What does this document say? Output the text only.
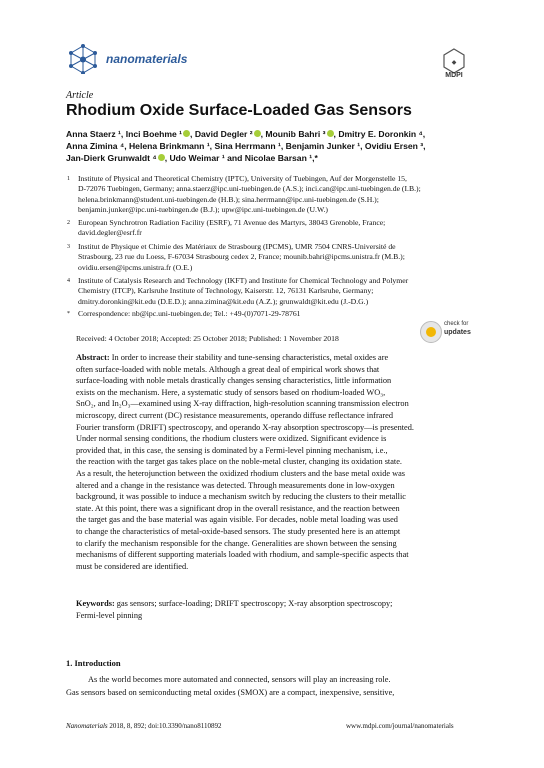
nanomaterials	◆
MDPI
Article
Rhodium Oxide Surface-Loaded Gas Sensors
Anna Staerz ¹, Inci Boehme ¹ , David Degler ² , Mounib Bahri ³ , Dmitry E. Doronkin ⁴,
Anna Zimina ⁴, Helena Brinkmann ¹, Sina Herrmann ¹, Benjamin Junker ¹, Ovidiu Ersen ³,
Jan-Dierk Grunwaldt ⁴ , Udo Weimar ¹ and Nicolae Barsan ¹,*
1 Institute of Physical and Theoretical Chemistry (IPTC), University of Tuebingen, Auf der Morgenstelle 15,
D-72076 Tuebingen, Germany; anna.staerz@ipc.uni-tuebingen.de (A.S.); inci.can@ipc.uni-tuebingen.de (I.B.);
helena.brinkmann@student.uni-tuebingen.de (H.B.); sina.herrmann@ipc.uni-tuebingen.de (S.H.);
benjamin.junker@ipc.uni-tuebingen.de (B.J.); upw@ipc.uni-tuebingen.de (U.W.)
2 European Synchrotron Radiation Facility (ESRF), 71 Avenue des Martyrs, 38043 Grenoble, France;
david.degler@esrf.fr
3 Institut de Physique et Chimie des Matériaux de Strasbourg (IPCMS), UMR 7504 CNRS-Université de
Strasbourg, 23 rue du Loess, F-67034 Strasbourg cedex 2, France; mounib.bahri@ipcms.unistra.fr (M.B.);
ovidiu.ersen@ipcms.unistra.fr (O.E.)
4 Institute of Catalysis Research and Technology (IKFT) and Institute for Chemical Technology and Polymer
Chemistry (ITCP), Karlsruhe Institute of Technology, Kaiserstr. 12, 76131 Karlsruhe, Germany;
dmitry.doronkin@kit.edu (D.E.D.); anna.zimina@kit.edu (A.Z.); grunwaldt@kit.edu (J.-D.G.)
* Correspondence: nb@ipc.uni-tuebingen.de; Tel.: +49-(0)7071-29-78761
Received: 4 October 2018; Accepted: 25 October 2018; Published: 1 November 2018
check for
updates
Abstract: In order to increase their stability and tune-sensing characteristics, metal oxides are
often surface-loaded with noble metals. Although a great deal of empirical work shows that
surface-loading with noble metals drastically changes sensing characteristics, little information
exists on the mechanism. Here, a systematic study of sensors based on rhodium-loaded WO₃,
SnO₂, and In₂O₃—examined using X-ray diffraction, high-resolution scanning transmission electron
microscopy, direct current (DC) resistance measurements, operando diffuse reflectance infrared
Fourier transform (DRIFT) spectroscopy, and operando X-ray absorption spectroscopy—is presented.
Under normal sensing conditions, the rhodium clusters were oxidized. Significant evidence is
provided that, in this case, the sensing is dominated by a Fermi-level pinning mechanism, i.e.,
the reaction with the target gas takes place on the noble-metal cluster, changing its oxidation state.
As a result, the heterojunction between the oxidized rhodium clusters and the base metal oxide was
altered and a change in the resistance was detected. Through measurements done in low-oxygen
background, it was possible to induce a mechanism switch by reducing the clusters to their metallic
state. At this point, there was a significant drop in the overall resistance, and the reaction between
the target gas and the base material was again visible. For decades, noble metal loading was used
to change the characteristics of metal-oxide-based sensors. The study presented here is an attempt
to clarify the mechanism responsible for the change. Generalities are shown between the sensing
mechanisms of different supporting materials loaded with rhodium, and sample-specific aspects that
must be considered are identified.
Keywords: gas sensors; surface-loading; DRIFT spectroscopy; X-ray absorption spectroscopy;
Fermi-level pinning
1. Introduction
As the world becomes more automated and connected, sensors will play an increasing role.
Gas sensors based on semiconducting metal oxides (SMOX) are a compact, inexpensive, sensitive,
Nanomaterials 2018, 8, 892; doi:10.3390/nano8110892	www.mdpi.com/journal/nanomaterials
